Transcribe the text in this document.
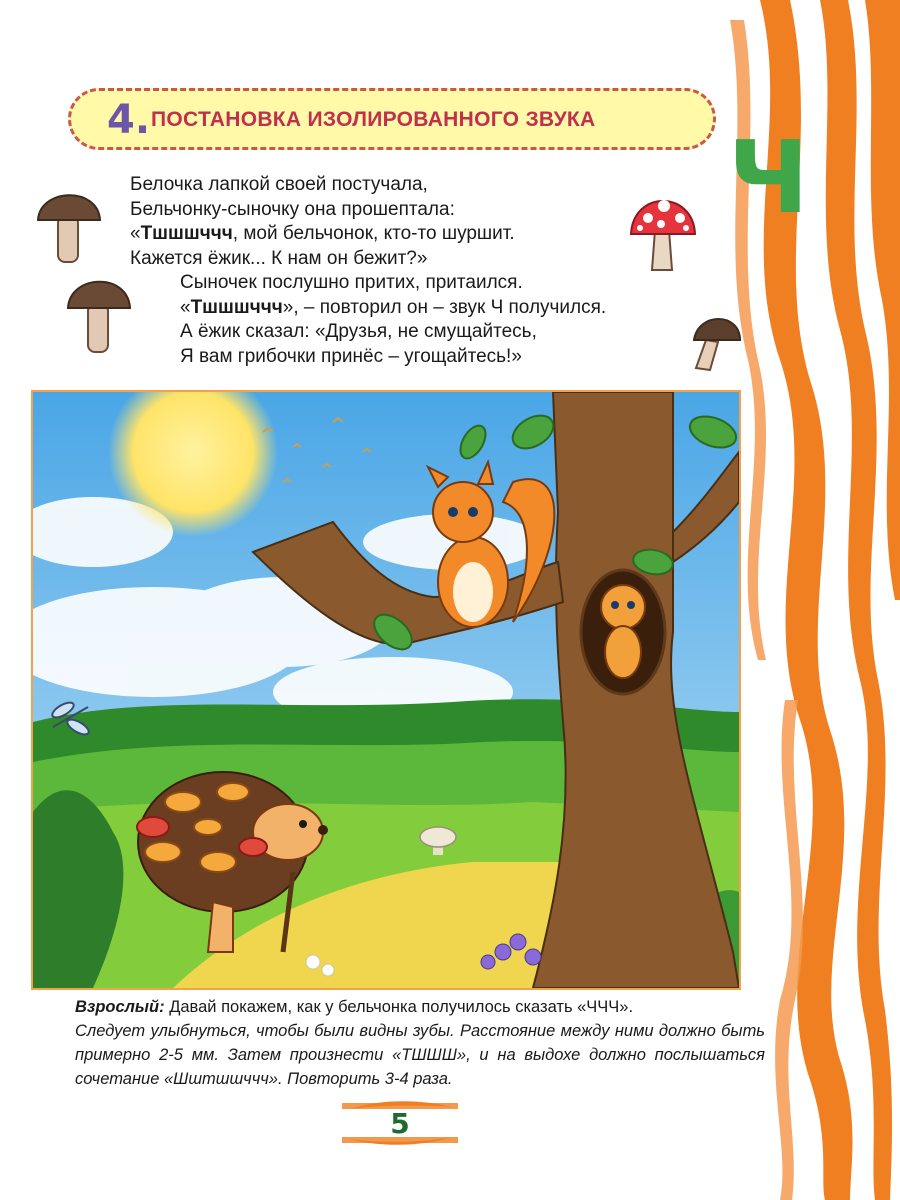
4. ПОСТАНОВКА ИЗОЛИРОВАННОГО ЗВУКА Ч
Белочка лапкой своей постучала,
Бельчонку-сыночку она прошептала:
«Тшшшччч, мой бельчонок, кто-то шуршит.
Кажется ёжик... К нам он бежит?»
Сыночек послушно притих, притаился.
«Тшшшччч», – повторил он – звук Ч получился.
А ёжик сказал: «Друзья, не смущайтесь,
Я вам грибочки принёс – угощайтесь!»
Взрослый: Давай покажем, как у бельчонка получилось сказать «ЧЧЧ».
Следует улыбнуться, чтобы были видны зубы. Расстояние между ними должно быть примерно 2-5 мм. Затем произнести «ТШШШ», и на выдохе должно послышаться сочетание «Шштшшччч». Повторить 3-4 раза.
5
